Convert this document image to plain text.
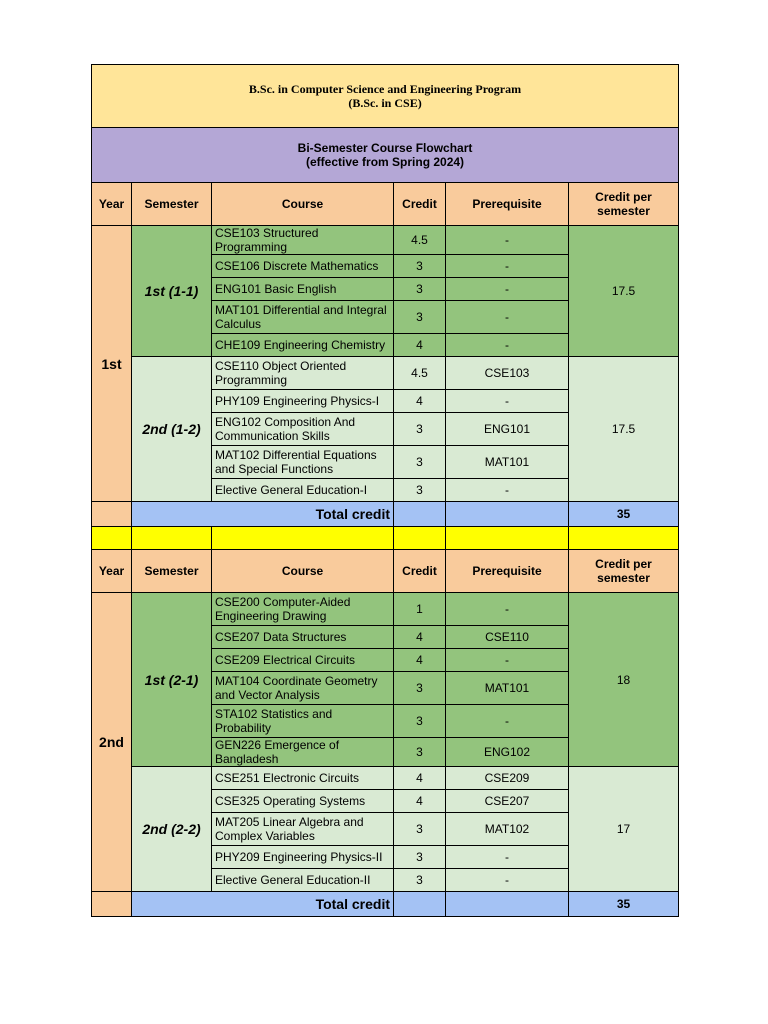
B.Sc. in Computer Science and Engineering Program
(B.Sc. in CSE)					

Bi-Semester Course Flowchart
(effective from Spring 2024)					

Year	Semester	Course	Credit	Prerequisite	Credit per
semester

1st	1st (1-1)	CSE103 Structured Programming	4.5	-	17.5
		CSE106 Discrete Mathematics	3	-	
		ENG101 Basic English	3	-	
		MAT101 Differential and Integral Calculus	3	-	
		CHE109 Engineering Chemistry	4	-	
	2nd (1-2)	CSE110 Object Oriented Programming	4.5	CSE103	17.5
		PHY109 Engineering Physics-I	4	-	
		ENG102 Composition And Communication Skills	3	ENG101	
		MAT102 Differential Equations and Special Functions	3	MAT101	
		Elective General Education-I	3	-	
	Total credit				35

Year	Semester	Course	Credit	Prerequisite	Credit per
semester

2nd	1st (2-1)	CSE200 Computer-Aided Engineering Drawing	1	-	18
		CSE207 Data Structures	4	CSE110	
		CSE209 Electrical Circuits	4	-	
		MAT104 Coordinate Geometry and Vector Analysis	3	MAT101	
		STA102 Statistics and Probability	3	-	
		GEN226 Emergence of Bangladesh	3	ENG102	
	2nd (2-2)	CSE251 Electronic Circuits	4	CSE209	17
		CSE325 Operating Systems	4	CSE207	
		MAT205 Linear Algebra and Complex Variables	3	MAT102	
		PHY209 Engineering Physics-II	3	-	
		Elective General Education-II	3	-	
	Total credit				35
